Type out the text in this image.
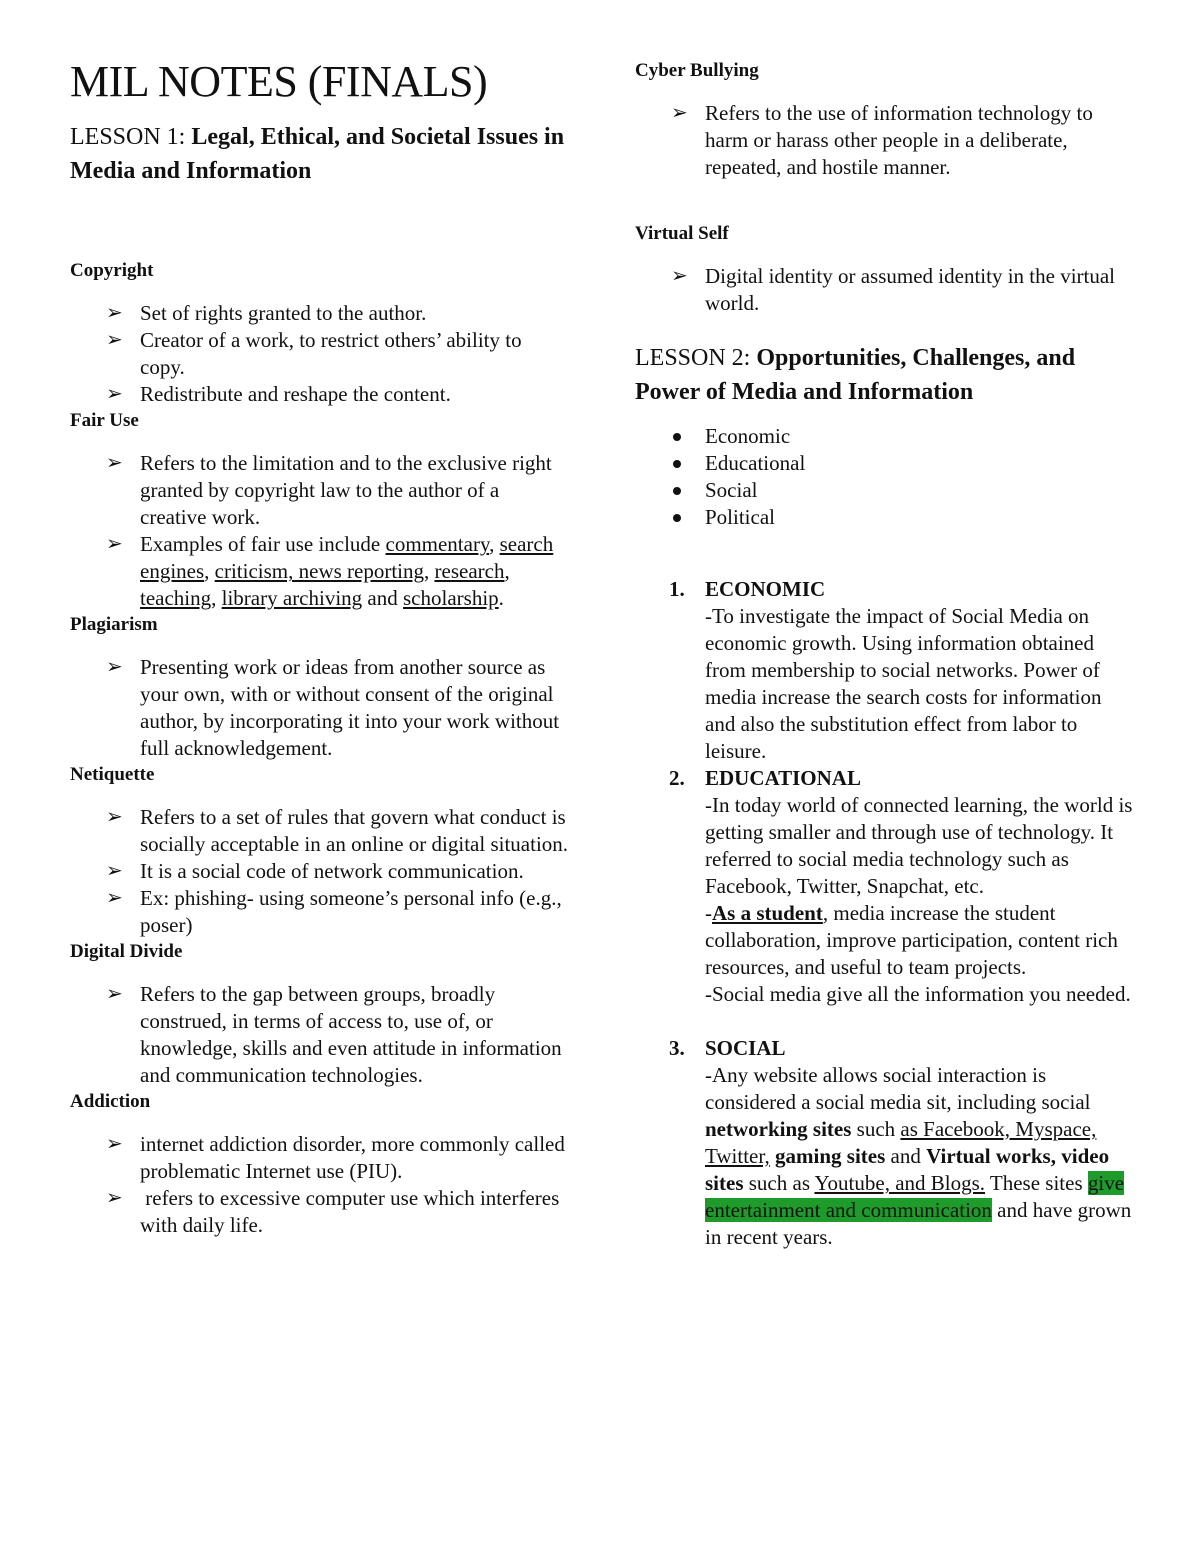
MIL NOTES (FINALS)

LESSON 1: Legal, Ethical, and Societal Issues in Media and Information

Copyright

➢ Set of rights granted to the author.
➢ Creator of a work, to restrict others’ ability to copy.
➢ Redistribute and reshape the content.

Fair Use

➢ Refers to the limitation and to the exclusive right granted by copyright law to the author of a creative work.
➢ Examples of fair use include commentary, search engines, criticism, news reporting, research, teaching, library archiving and scholarship.

Plagiarism

➢ Presenting work or ideas from another source as your own, with or without consent of the original author, by incorporating it into your work without full acknowledgement.

Netiquette

➢ Refers to a set of rules that govern what conduct is socially acceptable in an online or digital situation.
➢ It is a social code of network communication.
➢ Ex: phishing- using someone’s personal info (e.g., poser)

Digital Divide

➢ Refers to the gap between groups, broadly construed, in terms of access to, use of, or knowledge, skills and even attitude in information and communication technologies.

Addiction

➢ internet addiction disorder, more commonly called problematic Internet use (PIU).
➢ refers to excessive computer use which interferes with daily life.

Cyber Bullying

➢ Refers to the use of information technology to harm or harass other people in a deliberate, repeated, and hostile manner.

Virtual Self

➢ Digital identity or assumed identity in the virtual world.

LESSON 2: Opportunities, Challenges, and Power of Media and Information

Economic
Educational
Social
Political
1. ECONOMIC
-To investigate the impact of Social Media on economic growth. Using information obtained from membership to social networks. Power of media increase the search costs for information and also the substitution effect from labor to leisure.
2. EDUCATIONAL
-In today world of connected learning, the world is getting smaller and through use of technology. It referred to social media technology such as Facebook, Twitter, Snapchat, etc.
-As a student, media increase the student collaboration, improve participation, content rich resources, and useful to team projects.
-Social media give all the information you needed.
3. SOCIAL
-Any website allows social interaction is considered a social media sit, including social networking sites such as Facebook, Myspace, Twitter, gaming sites and Virtual works, video sites such as Youtube, and Blogs. These sites give entertainment and communication and have grown in recent years.
